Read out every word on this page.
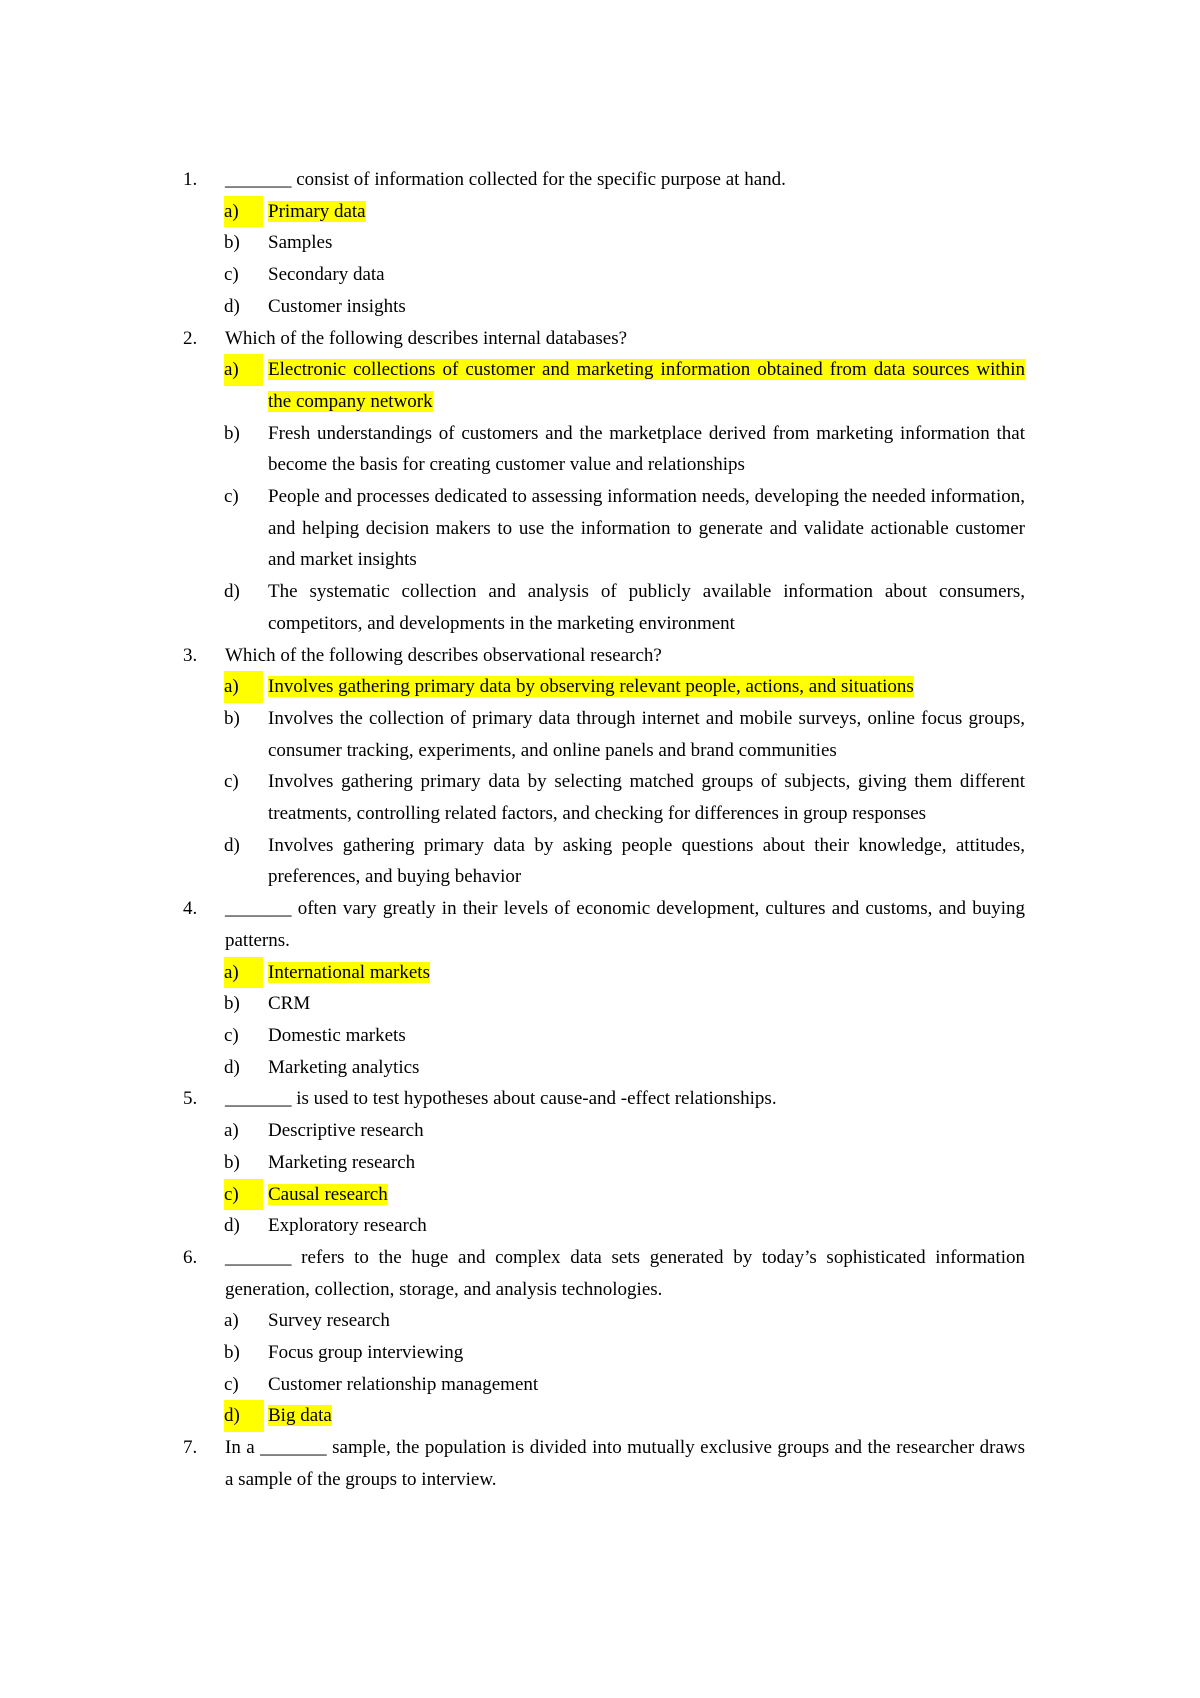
1. _______ consist of information collected for the specific purpose at hand.
a)	Primary data
b) Samples
c) Secondary data
d) Customer insights
2. Which of the following describes internal databases?
a)	Electronic collections of customer and marketing information obtained from data sources within the company network
b) Fresh understandings of customers and the marketplace derived from marketing information that become the basis for creating customer value and relationships
c) People and processes dedicated to assessing information needs, developing the needed information, and helping decision makers to use the information to generate and validate actionable customer and market insights
d) The systematic collection and analysis of publicly available information about consumers, competitors, and developments in the marketing environment
3. Which of the following describes observational research?
a)	Involves gathering primary data by observing relevant people, actions, and situations
b) Involves the collection of primary data through internet and mobile surveys, online focus groups, consumer tracking, experiments, and online panels and brand communities
c) Involves gathering primary data by selecting matched groups of subjects, giving them different treatments, controlling related factors, and checking for differences in group responses
d) Involves gathering primary data by asking people questions about their knowledge, attitudes, preferences, and buying behavior
4. _______ often vary greatly in their levels of economic development, cultures and customs, and buying patterns.
a)	International markets
b) CRM
c) Domestic markets
d) Marketing analytics
5. _______ is used to test hypotheses about cause-and -effect relationships.
a) Descriptive research
b) Marketing research
c)	Causal research
d) Exploratory research
6. _______ refers to the huge and complex data sets generated by today’s sophisticated information generation, collection, storage, and analysis technologies.
a) Survey research
b) Focus group interviewing
c) Customer relationship management
d)	Big data
7. In a _______ sample, the population is divided into mutually exclusive groups and the researcher draws a sample of the groups to interview.
